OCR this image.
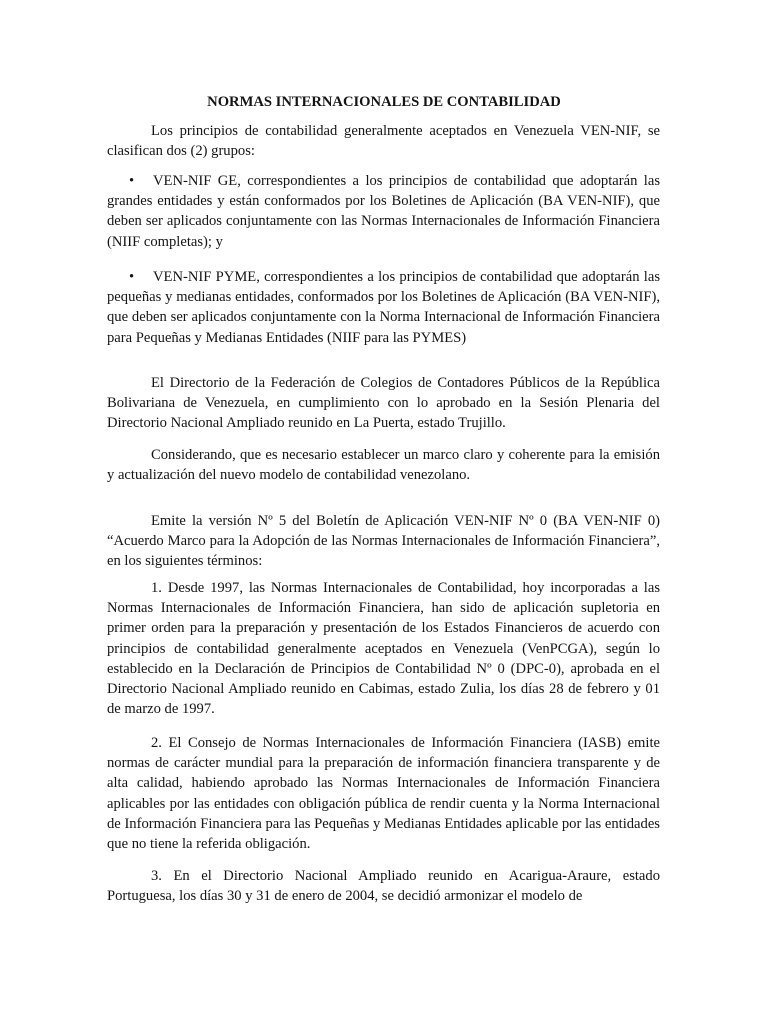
NORMAS INTERNACIONALES DE CONTABILIDAD

Los principios de contabilidad generalmente aceptados en Venezuela VEN-NIF, se clasifican dos (2) grupos:

• VEN-NIF GE, correspondientes a los principios de contabilidad que adoptarán las grandes entidades y están conformados por los Boletines de Aplicación (BA VEN-NIF), que deben ser aplicados conjuntamente con las Normas Internacionales de Información Financiera (NIIF completas); y

• VEN-NIF PYME, correspondientes a los principios de contabilidad que adoptarán las pequeñas y medianas entidades, conformados por los Boletines de Aplicación (BA VEN-NIF), que deben ser aplicados conjuntamente con la Norma Internacional de Información Financiera para Pequeñas y Medianas Entidades (NIIF para las PYMES)

El Directorio de la Federación de Colegios de Contadores Públicos de la República Bolivariana de Venezuela, en cumplimiento con lo aprobado en la Sesión Plenaria del Directorio Nacional Ampliado reunido en La Puerta, estado Trujillo.

Considerando, que es necesario establecer un marco claro y coherente para la emisión y actualización del nuevo modelo de contabilidad venezolano.

Emite la versión Nº 5 del Boletín de Aplicación VEN-NIF Nº 0 (BA VEN-NIF 0) “Acuerdo Marco para la Adopción de las Normas Internacionales de Información Financiera”, en los siguientes términos:

1. Desde 1997, las Normas Internacionales de Contabilidad, hoy incorporadas a las Normas Internacionales de Información Financiera, han sido de aplicación supletoria en primer orden para la preparación y presentación de los Estados Financieros de acuerdo con principios de contabilidad generalmente aceptados en Venezuela (VenPCGA), según lo establecido en la Declaración de Principios de Contabilidad Nº 0 (DPC-0), aprobada en el Directorio Nacional Ampliado reunido en Cabimas, estado Zulia, los días 28 de febrero y 01 de marzo de 1997.

2. El Consejo de Normas Internacionales de Información Financiera (IASB) emite normas de carácter mundial para la preparación de información financiera transparente y de alta calidad, habiendo aprobado las Normas Internacionales de Información Financiera aplicables por las entidades con obligación pública de rendir cuenta y la Norma Internacional de Información Financiera para las Pequeñas y Medianas Entidades aplicable por las entidades que no tiene la referida obligación.

3. En el Directorio Nacional Ampliado reunido en Acarigua-Araure, estado Portuguesa, los días 30 y 31 de enero de 2004, se decidió armonizar el modelo de
